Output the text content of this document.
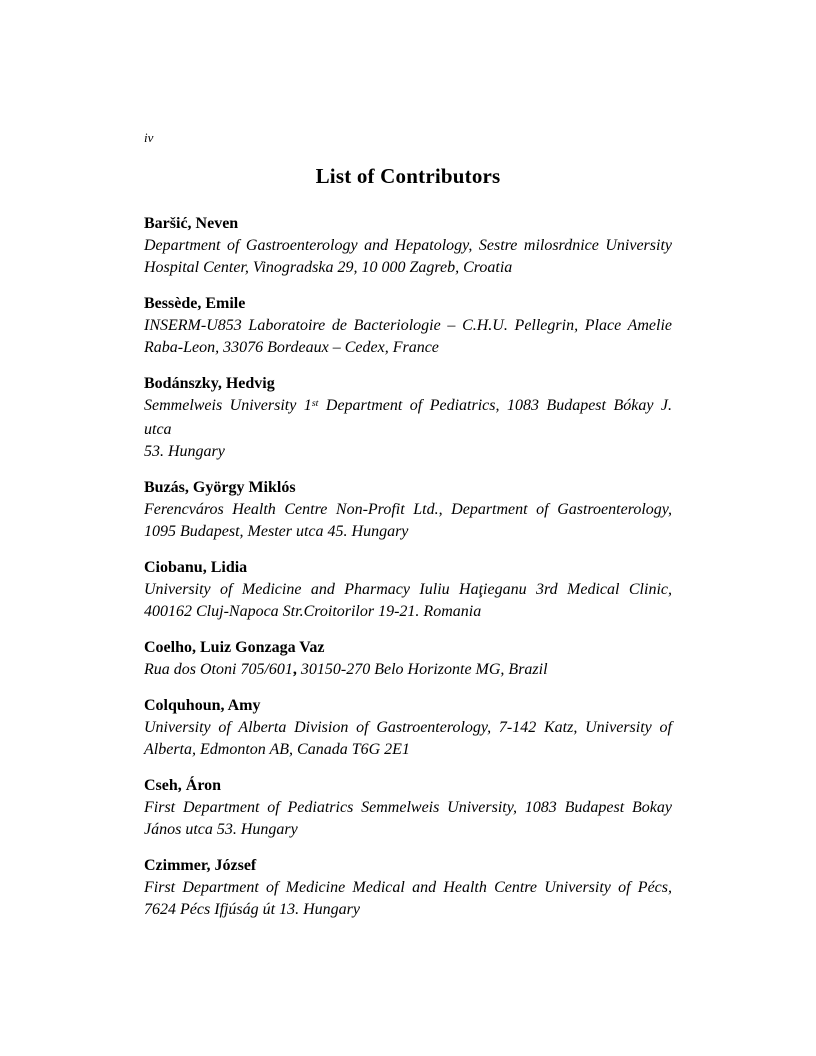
iv
List of Contributors
Baršić, Neven
Department of Gastroenterology and Hepatology, Sestre milosrdnice University
Hospital Center, Vinogradska 29, 10 000 Zagreb, Croatia
Bessède, Emile
INSERM-U853 Laboratoire de Bacteriologie – C.H.U. Pellegrin, Place Amelie
Raba-Leon, 33076 Bordeaux – Cedex, France
Bodánszky, Hedvig
Semmelweis University 1st Department of Pediatrics, 1083 Budapest Bókay J. utca
53. Hungary
Buzás, György Miklós
Ferencváros Health Centre Non-Profit Ltd., Department of Gastroenterology,
1095 Budapest, Mester utca 45. Hungary
Ciobanu, Lidia
University of Medicine and Pharmacy Iuliu Haţieganu 3rd Medical Clinic,
400162 Cluj-Napoca Str.Croitorilor 19-21. Romania
Coelho, Luiz Gonzaga Vaz
Rua dos Otoni 705/601, 30150-270 Belo Horizonte MG, Brazil
Colquhoun, Amy
University of Alberta Division of Gastroenterology, 7-142 Katz, University of
Alberta, Edmonton AB, Canada T6G 2E1
Cseh, Áron
First Department of Pediatrics Semmelweis University, 1083 Budapest Bokay
János utca 53. Hungary
Czimmer, József
First Department of Medicine Medical and Health Centre University of Pécs,
7624 Pécs Ifjúság út 13. Hungary
